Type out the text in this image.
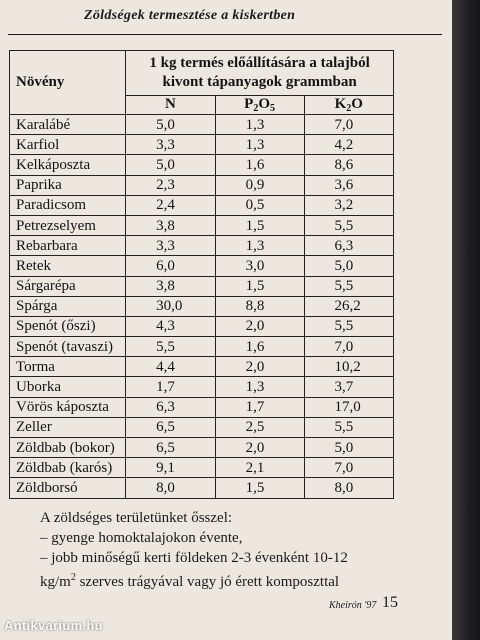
Zöldségek termesztése a kiskertben
Növény	1 kg termés előállítására a talajból
kivont tápanyagok grammban		
	N	$P_2O_5$	$K_2O$
Karalábé	5,0	1,3	7,0
Karfiol	3,3	1,3	4,2
Kelkáposzta	5,0	1,6	8,6
Paprika	2,3	0,9	3,6
Paradicsom	2,4	0,5	3,2
Petrezselyem	3,8	1,5	5,5
Rebarbara	3,3	1,3	6,3
Retek	6,0	3,0	5,0
Sárgarépa	3,8	1,5	5,5
Spárga	30,0	8,8	26,2
Spenót (őszi)	4,3	2,0	5,5
Spenót (tavaszi)	5,5	1,6	7,0
Torma	4,4	2,0	10,2
Uborka	1,7	1,3	3,7
Vörös káposzta	6,3	1,7	17,0
Zeller	6,5	2,5	5,5
Zöldbab (bokor)	6,5	2,0	5,0
Zöldbab (karós)	9,1	2,1	7,0
Zöldborsó	8,0	1,5	8,0
A zöldséges területünket ősszel:
– gyenge homoktalajokon évente,
– jobb minőségű kerti földeken 2-3 évenként 10-12
$kg/m^2$ szerves trágyával vagy jó érett komposzttal
Kheirón '97 15
Antikvarium.hu
